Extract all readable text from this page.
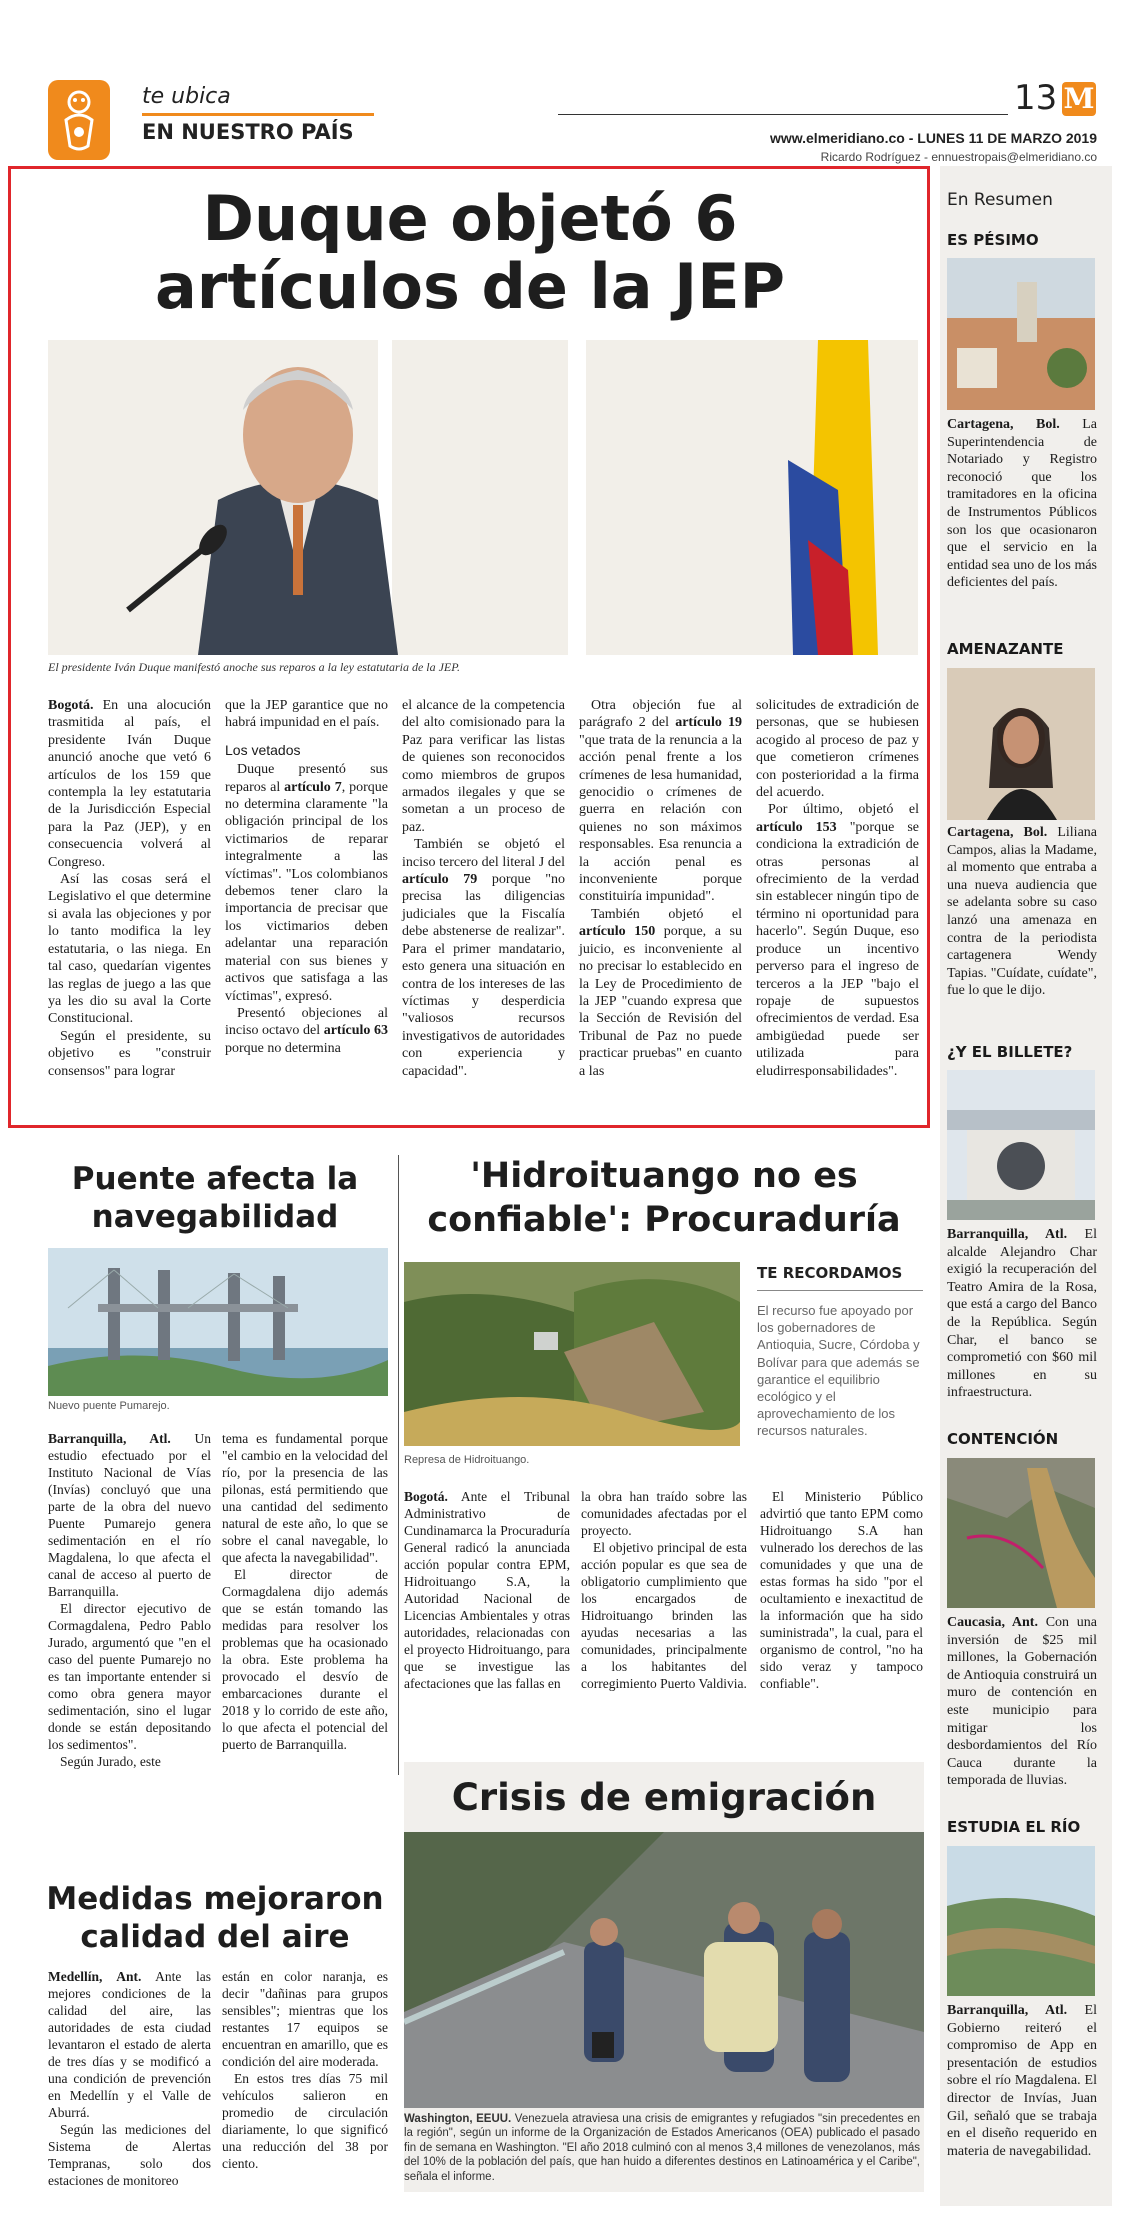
te ubica
EN NUESTRO PAÍS
13 M
www.elmeridiano.co - LUNES 11 DE MARZO 2019
Ricardo Rodríguez - ennuestropais@elmeridiano.co
Duque objetó 6
artículos de la JEP
El presidente Iván Duque manifestó anoche sus reparos a la ley estatutaria de la JEP.

Bogotá. En una alocución trasmitida al país, el presidente Iván Duque anunció anoche que vetó 6 artículos de los 159 que contempla la ley estatutaria de la Jurisdicción Especial para la Paz (JEP), y en consecuencia volverá al Congreso.

Así las cosas será el Legislativo el que determine si avala las objeciones y por lo tanto modifica la ley estatutaria, o las niega. En tal caso, quedarían vigentes las reglas de juego a las que ya les dio su aval la Corte Constitucional.

Según el presidente, su objetivo es "construir consensos" para lograr

que la JEP garantice que no habrá impunidad en el país.

Los vetados

Duque presentó sus reparos al artículo 7, porque no determina claramente "la obligación principal de los victimarios de reparar integralmente a las víctimas". "Los colombianos debemos tener claro la importancia de precisar que los victimarios deben adelantar una reparación material con sus bienes y activos que satisfaga a las víctimas", expresó.

Presentó objeciones al inciso octavo del artículo 63 porque no determina

el alcance de la competencia del alto comisionado para la Paz para verificar las listas de quienes son reconocidos como miembros de grupos armados ilegales y que se sometan a un proceso de paz.

También se objetó el inciso tercero del literal J del artículo 79 porque "no precisa las diligencias judiciales que la Fiscalía debe abstenerse de realizar". Para el primer mandatario, esto genera una situación en contra de los intereses de las víctimas y desperdicia "valiosos recursos investigativos de autoridades con experiencia y capacidad".

Otra objeción fue al parágrafo 2 del artículo 19 "que trata de la renuncia a la acción penal frente a los crímenes de lesa humanidad, genocidio o crímenes de guerra en relación con quienes no son máximos responsables. Esa renuncia a la acción penal es inconveniente porque constituiría impunidad".

También objetó el artículo 150 porque, a su juicio, es inconveniente al no precisar lo establecido en la Ley de Procedimiento de la JEP "cuando expresa que la Sección de Revisión del Tribunal de Paz no puede practicar pruebas" en cuanto a las

solicitudes de extradición de personas, que se hubiesen acogido al proceso de paz y que cometieron crímenes con posterioridad a la firma del acuerdo.

Por último, objetó el artículo 153 "porque se condiciona la extradición de otras personas al ofrecimiento de la verdad sin establecer ningún tipo de término ni oportunidad para hacerlo". Según Duque, eso produce un incentivo perverso para el ingreso de terceros a la JEP "bajo el ropaje de supuestos ofrecimientos de verdad. Esa ambigüedad puede ser utilizada para eludirresponsabilidades".

Puente afecta la
navegabilidad
Nuevo puente Pumarejo.

Barranquilla, Atl. Un estudio efectuado por el Instituto Nacional de Vías (Invías) concluyó que una parte de la obra del nuevo Puente Pumarejo genera sedimentación en el río Magdalena, lo que afecta el canal de acceso al puerto de Barranquilla.

El director ejecutivo de Cormagdalena, Pedro Pablo Jurado, argumentó que "en el caso del puente Pumarejo no es tan importante entender si como obra genera mayor sedimentación, sino el lugar donde se están depositando los sedimentos".

Según Jurado, este

tema es fundamental porque "el cambio en la velocidad del río, por la presencia de las pilonas, está permitiendo que una cantidad del sedimento natural de este año, lo que se sobre el canal navegable, lo que afecta la navegabilidad".

El director de Cormagdalena dijo además que se están tomando las medidas para resolver los problemas que ha ocasionado la obra. Este problema ha provocado el desvío de embarcaciones durante el 2018 y lo corrido de este año, lo que afecta el potencial del puerto de Barranquilla.

'Hidroituango no es
confiable': Procuraduría
Represa de Hidroituango.
TE RECORDAMOS
El recurso fue apoyado por los gobernadores de Antioquia, Sucre, Córdoba y Bolívar para que además se garantice el equilibrio ecológico y el aprovechamiento de los recursos naturales.

Bogotá. Ante el Tribunal Administrativo de Cundinamarca la Procuraduría General radicó la anunciada acción popular contra EPM, Hidroituango S.A, la Autoridad Nacional de Licencias Ambientales y otras autoridades, relacionadas con el proyecto Hidroituango, para que se investigue las afectaciones que las fallas en

la obra han traído sobre las comunidades afectadas por el proyecto.

El objetivo principal de esta acción popular es que sea de obligatorio cumplimiento que los encargados de Hidroituango brinden las ayudas necesarias a las comunidades, principalmente a los habitantes del corregimiento Puerto Valdivia.

El Ministerio Público advirtió que tanto EPM como Hidroituango S.A han vulnerado los derechos de las comunidades y que una de estas formas ha sido "por el ocultamiento e inexactitud de la información que ha sido suministrada", la cual, para el organismo de control, "no ha sido veraz y tampoco confiable".

Medidas mejoraron
calidad del aire

Medellín, Ant. Ante las mejores condiciones de la calidad del aire, las autoridades de esta ciudad levantaron el estado de alerta de tres días y se modificó a una condición de prevención en Medellín y el Valle de Aburrá.

Según las mediciones del Sistema de Alertas Tempranas, solo dos estaciones de monitoreo

están en color naranja, es decir "dañinas para grupos sensibles"; mientras que los restantes 17 equipos se encuentran en amarillo, que es condición del aire moderada.

En estos tres días 75 mil vehículos salieron en promedio de circulación diariamente, lo que significó una reducción del 38 por ciento.

Crisis de emigración
Washington, EEUU. Venezuela atraviesa una crisis de emigrantes y refugiados "sin precedentes en la región", según un informe de la Organización de Estados Americanos (OEA) publicado el pasado fin de semana en Washington. "El año 2018 culminó con al menos 3,4 millones de venezolanos, más del 10% de la población del país, que han huido a diferentes destinos en Latinoamérica y el Caribe", señala el informe.
En Resumen
ES PÉSIMO
Cartagena, Bol. La Superintendencia de Notariado y Registro reconoció que los tramitadores en la oficina de Instrumentos Públicos son los que ocasionaron que el servicio en la entidad sea uno de los más deficientes del país.
AMENAZANTE
Cartagena, Bol. Liliana Campos, alias la Madame, al momento que entraba a una nueva audiencia que se adelanta sobre su caso lanzó una amenaza en contra de la periodista cartagenera Wendy Tapias. "Cuídate, cuídate", fue lo que le dijo.
¿Y EL BILLETE?
Barranquilla, Atl. El alcalde Alejandro Char exigió la recuperación del Teatro Amira de la Rosa, que está a cargo del Banco de la República. Según Char, el banco se comprometió con $60 mil millones en su infraestructura.
CONTENCIÓN
Caucasia, Ant. Con una inversión de $25 mil millones, la Gobernación de Antioquia construirá un muro de contención en este municipio para mitigar los desbordamientos del Río Cauca durante la temporada de lluvias.
ESTUDIA EL RÍO
Barranquilla, Atl. El Gobierno reiteró el compromiso de App en presentación de estudios sobre el río Magdalena. El director de Invías, Juan Gil, señaló que se trabaja en el diseño requerido en materia de navegabilidad.
